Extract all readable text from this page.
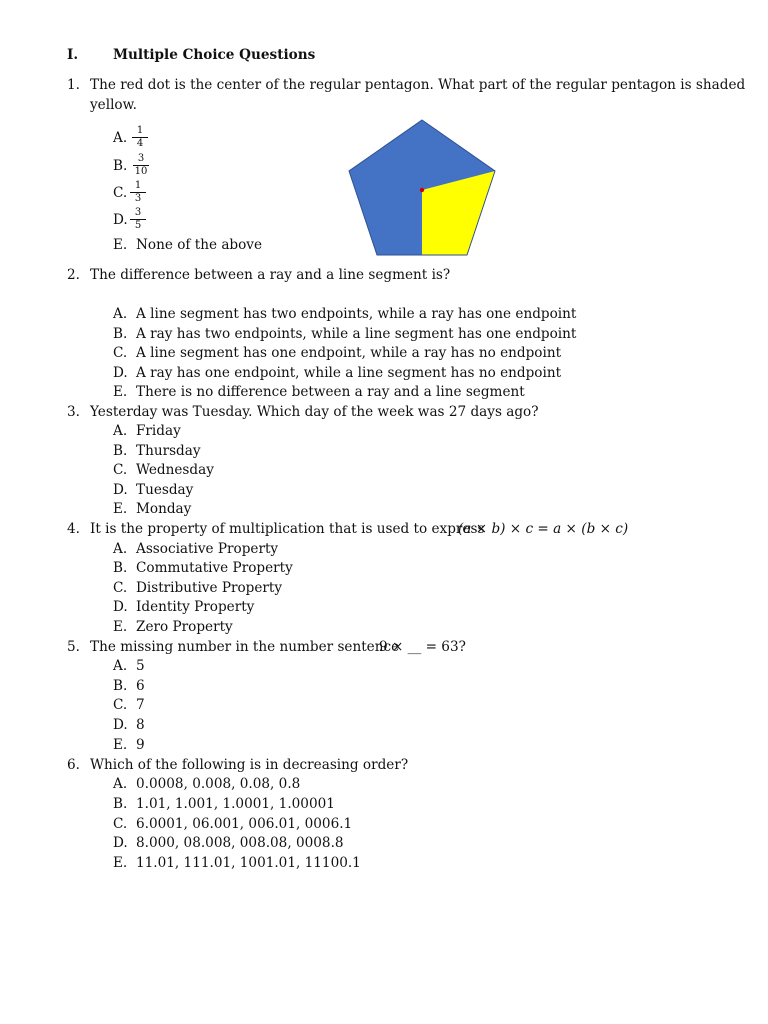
I.	Multiple Choice Questions
1. The red dot is the center of the regular pentagon. What part of the regular pentagon is shaded
yellow.
A. 1
4
B.	3
10
C. 1
3
D. 3
5
E. None of the above
2. The difference between a ray and a line segment is?
A. A line segment has two endpoints, while a ray has one endpoint
B. A ray has two endpoints, while a line segment has one endpoint
C. A line segment has one endpoint, while a ray has no endpoint
D. A ray has one endpoint, while a line segment has no endpoint
E. There is no difference between a ray and a line segment
3. Yesterday was Tuesday. Which day of the week was 27 days ago?
A. Friday
B. Thursday
C. Wednesday
D. Tuesday
E. Monday
4. It is the property of multiplication that is used to express
(a × b) × c = a × (b × c)
A. Associative Property
B. Commutative Property
C. Distributive Property
D. Identity Property
E. Zero Property
5. The missing number in the number sentence
9 × __ = 63?
A. 5
B. 6
C. 7
D. 8
E. 9
6. Which of the following is in decreasing order?
A. 0.0008, 0.008, 0.08, 0.8
B. 1.01, 1.001, 1.0001, 1.00001
C. 6.0001, 06.001, 006.01, 0006.1
D. 8.000, 08.008, 008.08, 0008.8
E. 11.01, 111.01, 1001.01, 11100.1
